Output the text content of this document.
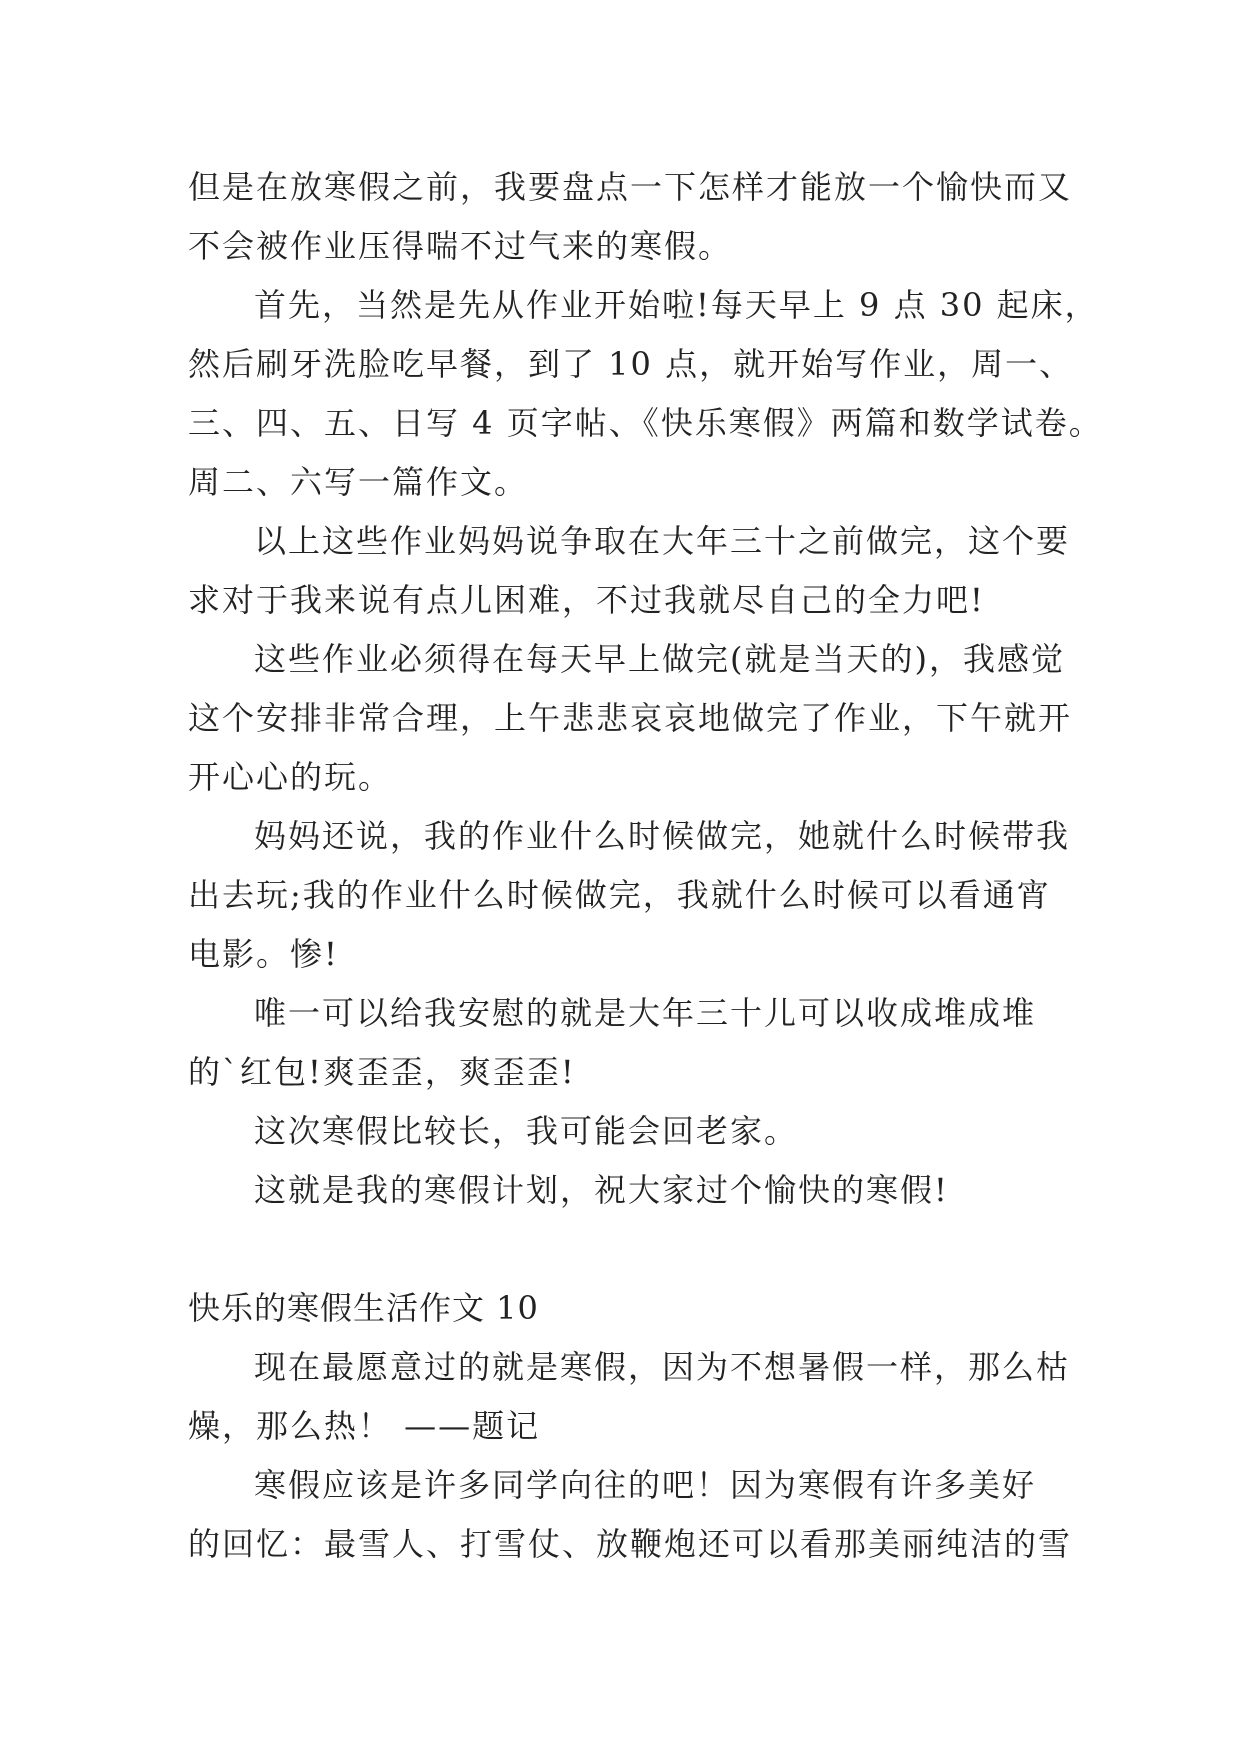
但是在放寒假之前，我要盘点一下怎样才能放一个愉快而又
不会被作业压得喘不过气来的寒假。
首先，当然是先从作业开始啦!每天早上 9 点 30 起床，
然后刷牙洗脸吃早餐，到了 10 点，就开始写作业，周一、
三、四、五、日写 4 页字帖、《快乐寒假》两篇和数学试卷。
周二、六写一篇作文。
以上这些作业妈妈说争取在大年三十之前做完，这个要
求对于我来说有点儿困难，不过我就尽自己的全力吧!
这些作业必须得在每天早上做完(就是当天的)，我感觉
这个安排非常合理，上午悲悲哀哀地做完了作业，下午就开
开心心的玩。
妈妈还说，我的作业什么时候做完，她就什么时候带我
出去玩;我的作业什么时候做完，我就什么时候可以看通宵
电影。惨!
唯一可以给我安慰的就是大年三十儿可以收成堆成堆
的`红包!爽歪歪，爽歪歪!
这次寒假比较长，我可能会回老家。
这就是我的寒假计划，祝大家过个愉快的寒假!
快乐的寒假生活作文 10
现在最愿意过的就是寒假，因为不想暑假一样，那么枯
燥，那么热！ ——题记
寒假应该是许多同学向往的吧！因为寒假有许多美好
的回忆：最雪人、打雪仗、放鞭炮还可以看那美丽纯洁的雪
